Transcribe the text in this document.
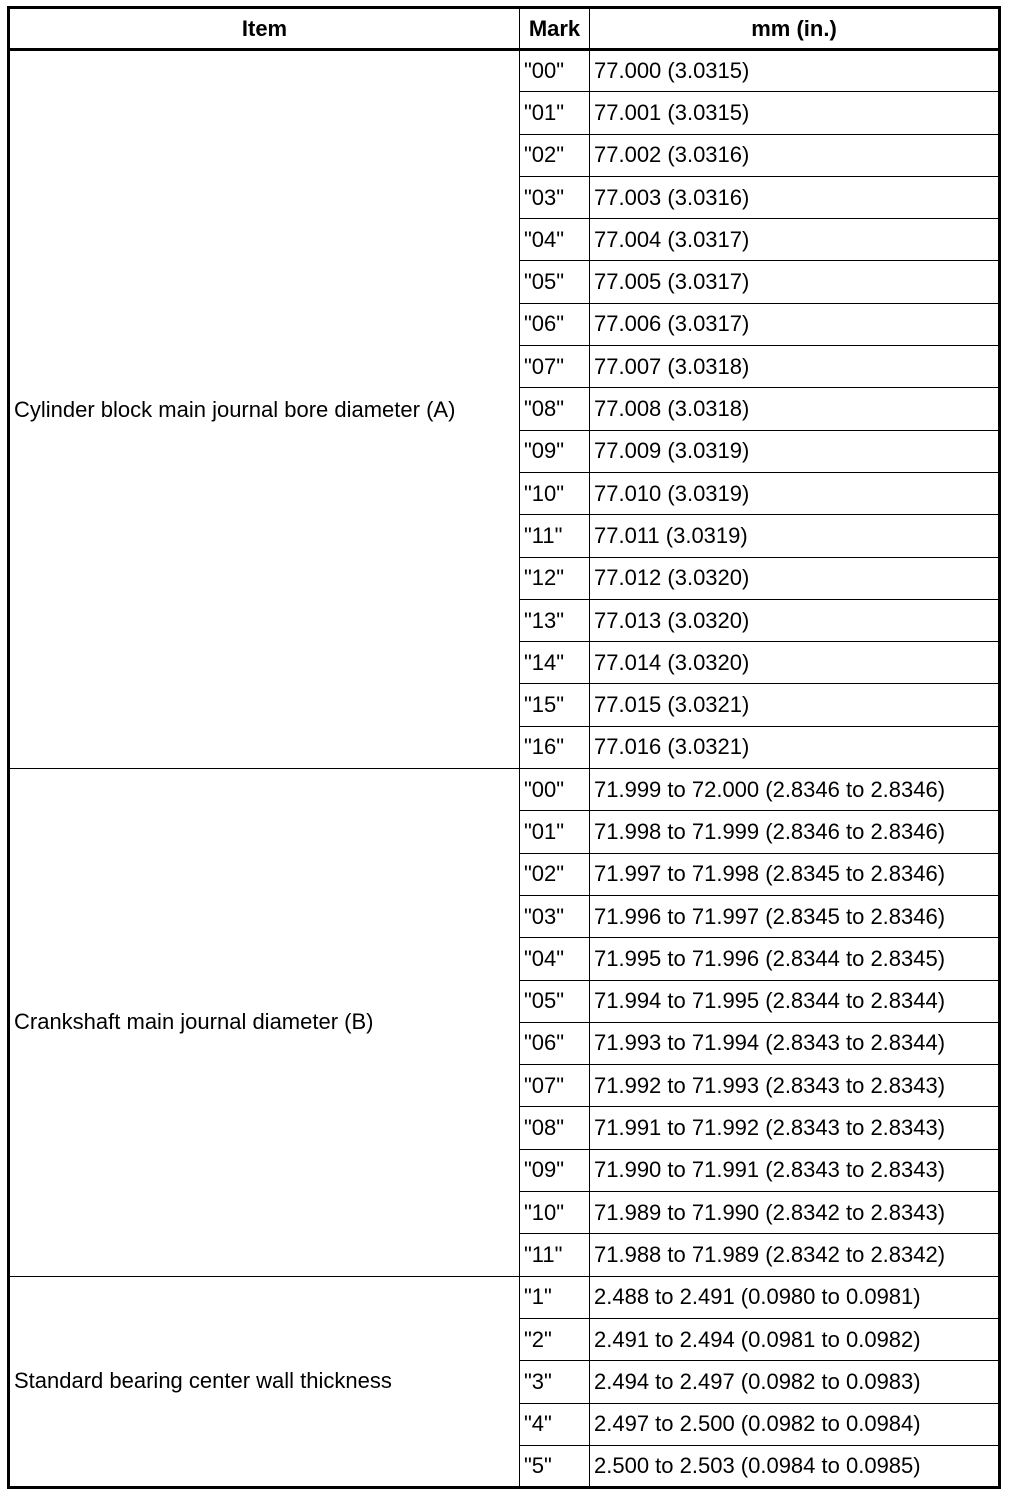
Item	Mark	mm (in.)
Cylinder block main journal bore diameter (A)	"00"	77.000 (3.0315)
	"01"	77.001 (3.0315)
	"02"	77.002 (3.0316)
	"03"	77.003 (3.0316)
	"04"	77.004 (3.0317)
	"05"	77.005 (3.0317)
	"06"	77.006 (3.0317)
	"07"	77.007 (3.0318)
	"08"	77.008 (3.0318)
	"09"	77.009 (3.0319)
	"10"	77.010 (3.0319)
	"11"	77.011 (3.0319)
	"12"	77.012 (3.0320)
	"13"	77.013 (3.0320)
	"14"	77.014 (3.0320)
	"15"	77.015 (3.0321)
	"16"	77.016 (3.0321)
Crankshaft main journal diameter (B)	"00"	71.999 to 72.000 (2.8346 to 2.8346)
	"01"	71.998 to 71.999 (2.8346 to 2.8346)
	"02"	71.997 to 71.998 (2.8345 to 2.8346)
	"03"	71.996 to 71.997 (2.8345 to 2.8346)
	"04"	71.995 to 71.996 (2.8344 to 2.8345)
	"05"	71.994 to 71.995 (2.8344 to 2.8344)
	"06"	71.993 to 71.994 (2.8343 to 2.8344)
	"07"	71.992 to 71.993 (2.8343 to 2.8343)
	"08"	71.991 to 71.992 (2.8343 to 2.8343)
	"09"	71.990 to 71.991 (2.8343 to 2.8343)
	"10"	71.989 to 71.990 (2.8342 to 2.8343)
	"11"	71.988 to 71.989 (2.8342 to 2.8342)
Standard bearing center wall thickness	"1"	2.488 to 2.491 (0.0980 to 0.0981)
	"2"	2.491 to 2.494 (0.0981 to 0.0982)
	"3"	2.494 to 2.497 (0.0982 to 0.0983)
	"4"	2.497 to 2.500 (0.0982 to 0.0984)
	"5"	2.500 to 2.503 (0.0984 to 0.0985)
